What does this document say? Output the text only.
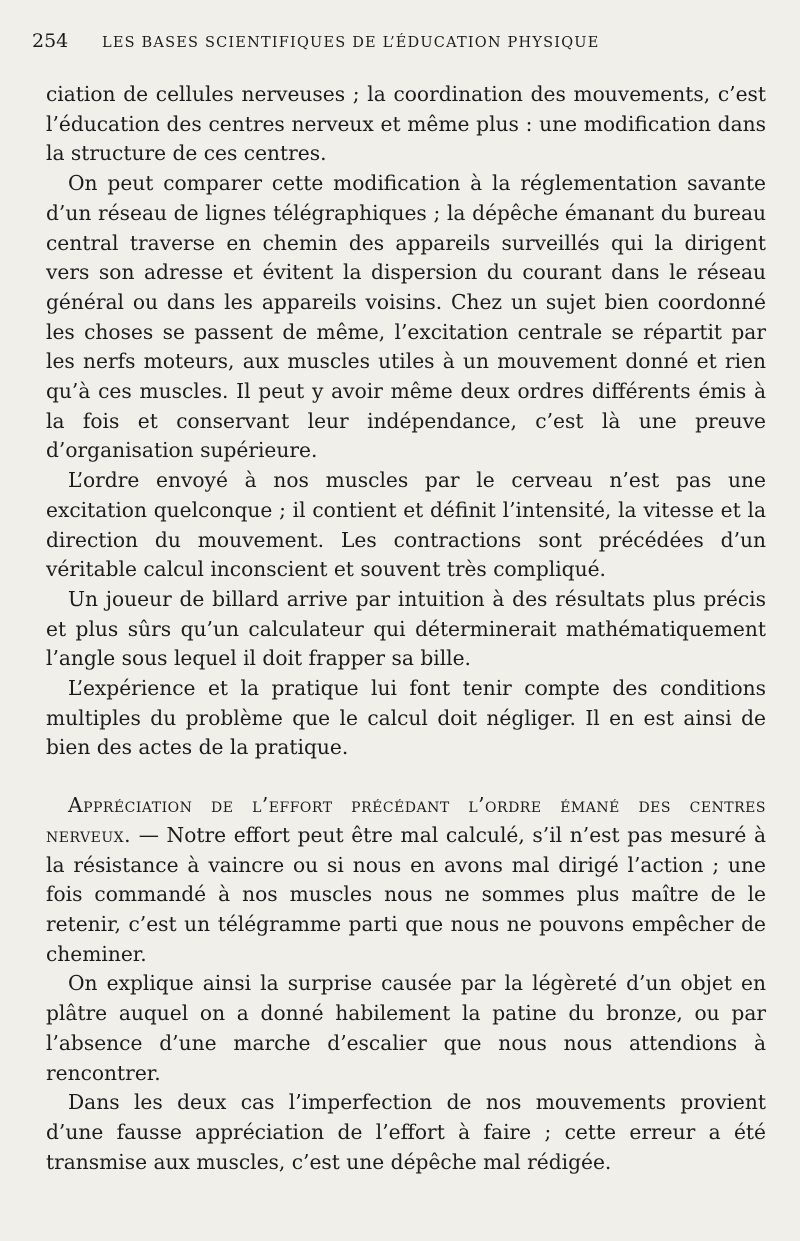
254	LES BASES SCIENTIFIQUES DE L’ÉDUCATION PHYSIQUE

ciation de cellules nerveuses ; la coordination des mouvements, c’est l’éducation des centres nerveux et même plus : une modification dans la structure de ces centres.

On peut comparer cette modification à la réglementation savante d’un réseau de lignes télégraphiques ; la dépêche émanant du bureau central traverse en chemin des appareils surveillés qui la dirigent vers son adresse et évitent la dispersion du courant dans le réseau général ou dans les appareils voisins. Chez un sujet bien coordonné les choses se passent de même, l’excitation centrale se répartit par les nerfs moteurs, aux muscles utiles à un mouvement donné et rien qu’à ces muscles. Il peut y avoir même deux ordres différents émis à la fois et conservant leur indépendance, c’est là une preuve d’organisation supérieure.

L’ordre envoyé à nos muscles par le cerveau n’est pas une excitation quelconque ; il contient et définit l’intensité, la vitesse et la direction du mouvement. Les contractions sont précédées d’un véritable calcul inconscient et souvent très compliqué.

Un joueur de billard arrive par intuition à des résultats plus précis et plus sûrs qu’un calculateur qui déterminerait mathématiquement l’angle sous lequel il doit frapper sa bille.

L’expérience et la pratique lui font tenir compte des conditions multiples du problème que le calcul doit négliger. Il en est ainsi de bien des actes de la pratique.

Appréciation de l’effort précédant l’ordre émané des centres nerveux. — Notre effort peut être mal calculé, s’il n’est pas mesuré à la résistance à vaincre ou si nous en avons mal dirigé l’action ; une fois commandé à nos muscles nous ne sommes plus maître de le retenir, c’est un télégramme parti que nous ne pouvons empêcher de cheminer.

On explique ainsi la surprise causée par la légèreté d’un objet en plâtre auquel on a donné habilement la patine du bronze, ou par l’absence d’une marche d’escalier que nous nous attendions à rencontrer.

Dans les deux cas l’imperfection de nos mouvements provient d’une fausse appréciation de l’effort à faire ; cette erreur a été transmise aux muscles, c’est une dépêche mal rédigée.
